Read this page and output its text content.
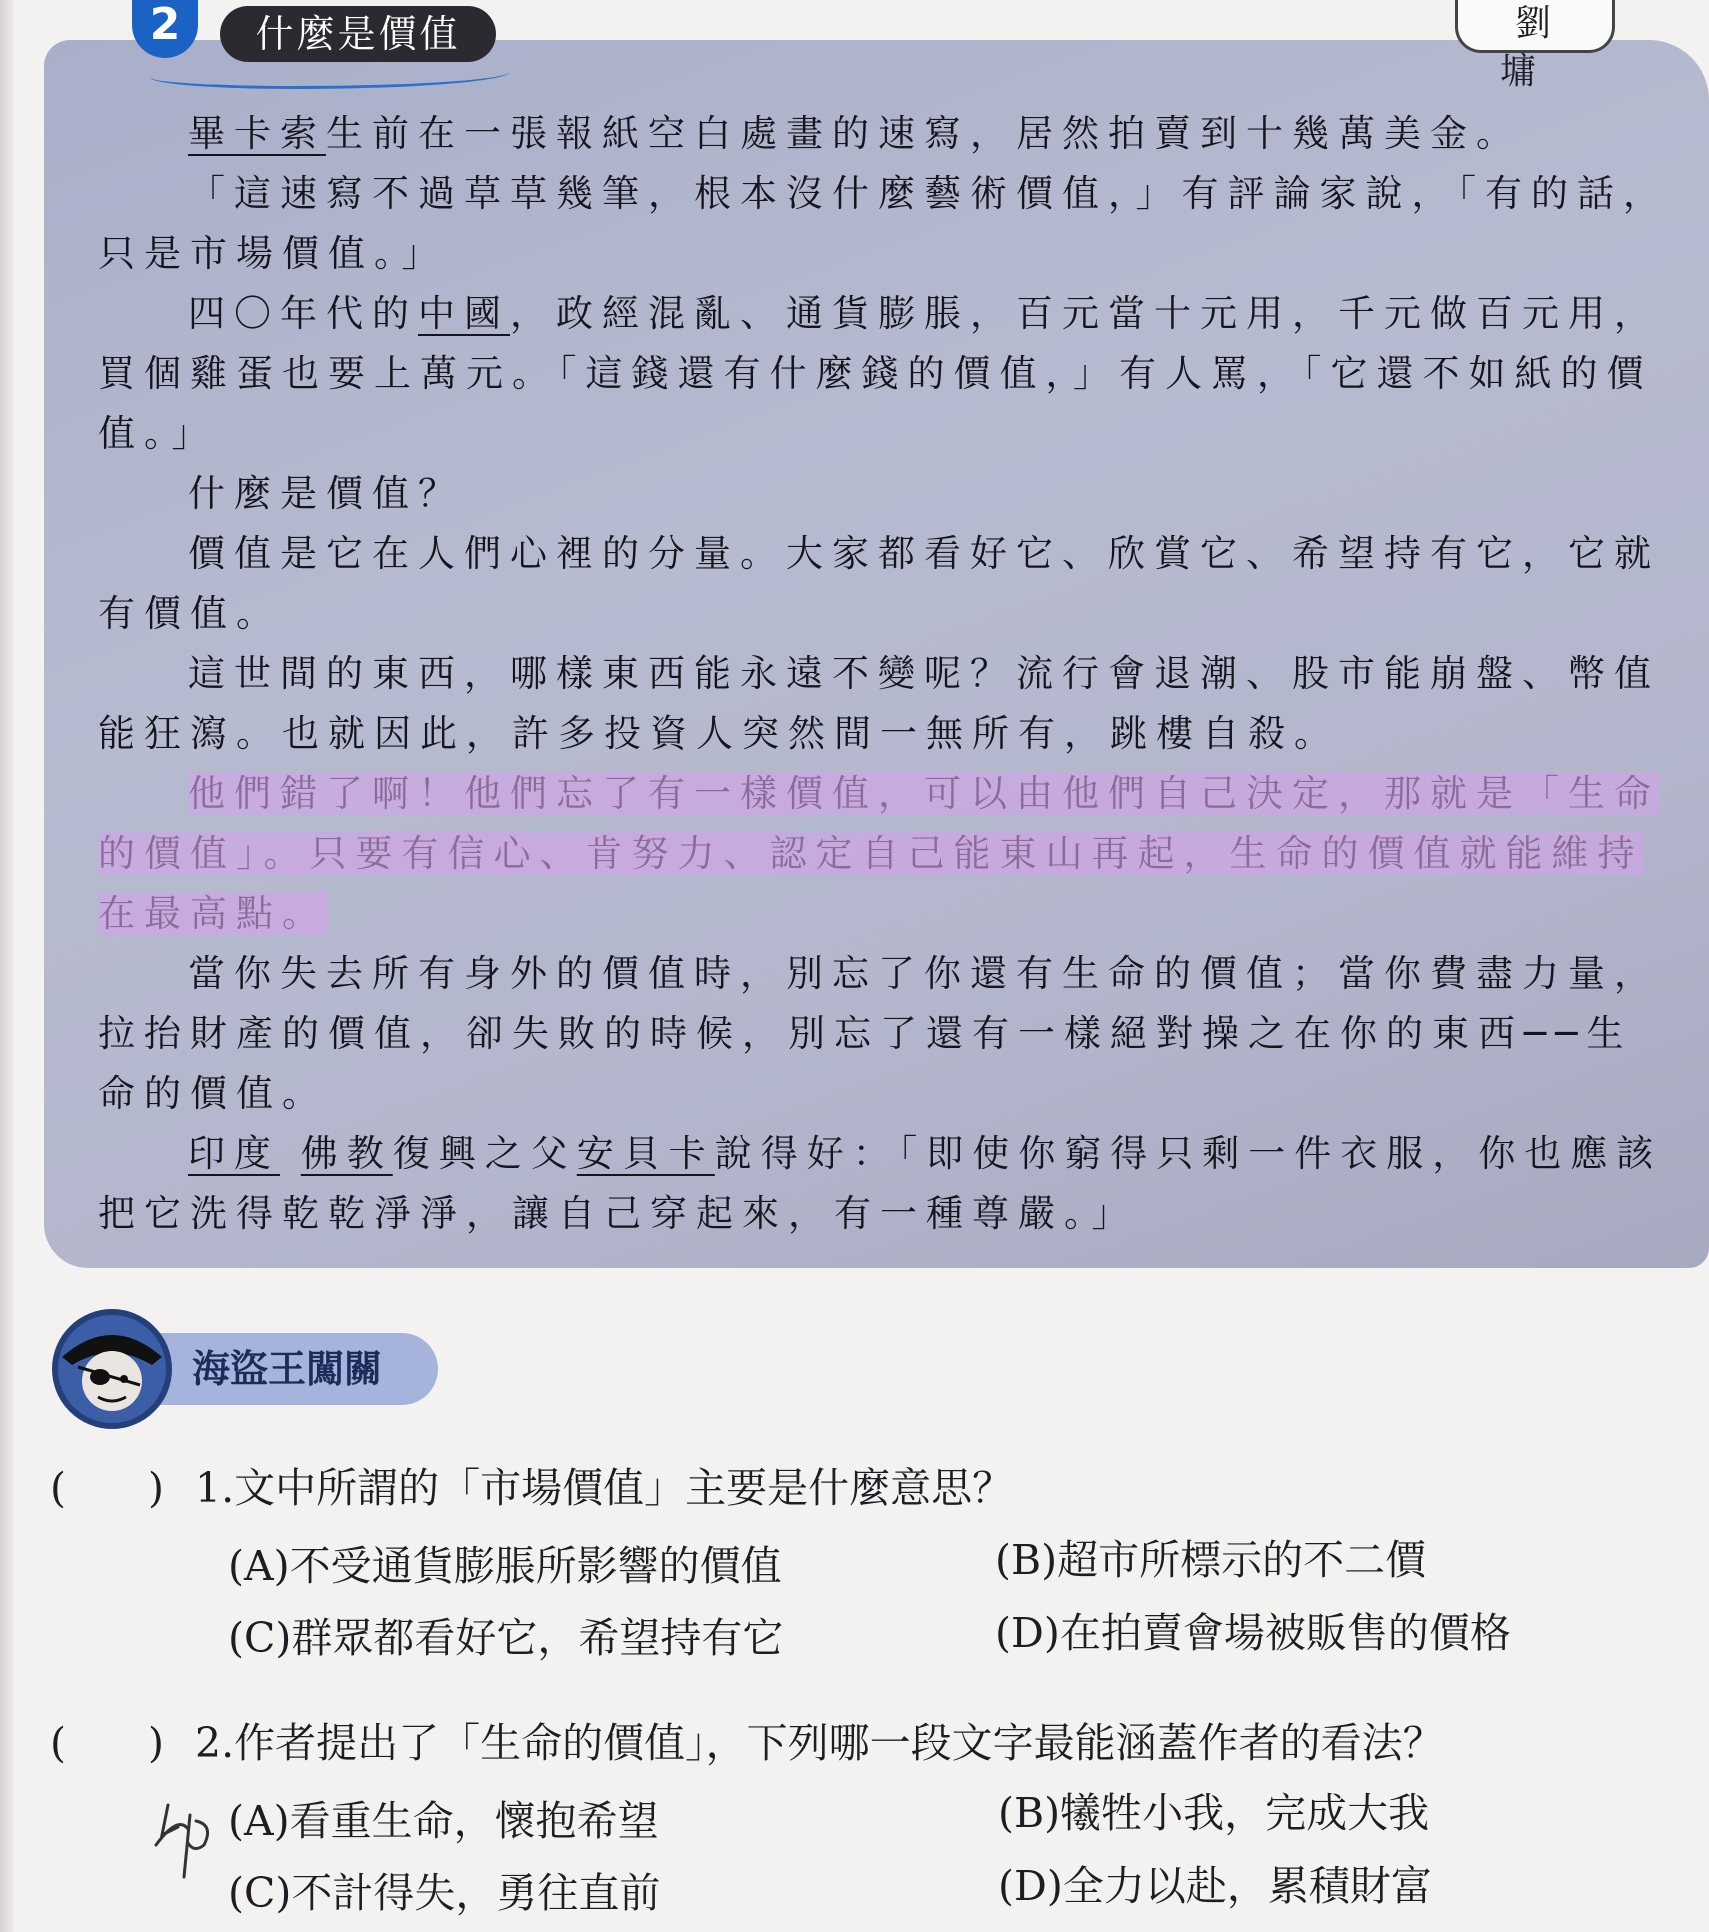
2	什麼是價值	劉 墉

畢卡索生前在一張報紙空白處畫的速寫，居然拍賣到十幾萬美金。

「這速寫不過草草幾筆，根本沒什麼藝術價值，」有評論家說，「有的話，只是市場價值。」

四〇年代的中國，政經混亂、通貨膨脹，百元當十元用，千元做百元用，買個雞蛋也要上萬元。「這錢還有什麼錢的價值，」有人罵，「它還不如紙的價值。」

什麼是價值？

價值是它在人們心裡的分量。大家都看好它、欣賞它、希望持有它，它就有價值。

這世間的東西，哪樣東西能永遠不變呢？流行會退潮、股市能崩盤、幣值能狂瀉。也就因此，許多投資人突然間一無所有，跳樓自殺。

他們錯了啊！他們忘了有一樣價值，可以由他們自己決定，那就是「生命的價值」。只要有信心、肯努力、認定自己能東山再起，生命的價值就能維持在最高點。

當你失去所有身外的價值時，別忘了你還有生命的價值；當你費盡力量，拉抬財產的價值，卻失敗的時候，別忘了還有一樣絕對操之在你的東西──生命的價值。

印度 佛教復興之父安貝卡說得好：「即使你窮得只剩一件衣服，你也應該把它洗得乾乾淨淨，讓自己穿起來，有一種尊嚴。」

海盜王闖關
(　　) 1.文中所謂的「市場價值」主要是什麼意思？
(A)不受通貨膨脹所影響的價值	(B)超市所標示的不二價
(C)群眾都看好它，希望持有它	(D)在拍賣會場被販售的價格
(　　) 2.作者提出了「生命的價值」，下列哪一段文字最能涵蓋作者的看法？
(A)看重生命，懷抱希望	(B)犧牲小我，完成大我
(C)不計得失，勇往直前	(D)全力以赴，累積財富
